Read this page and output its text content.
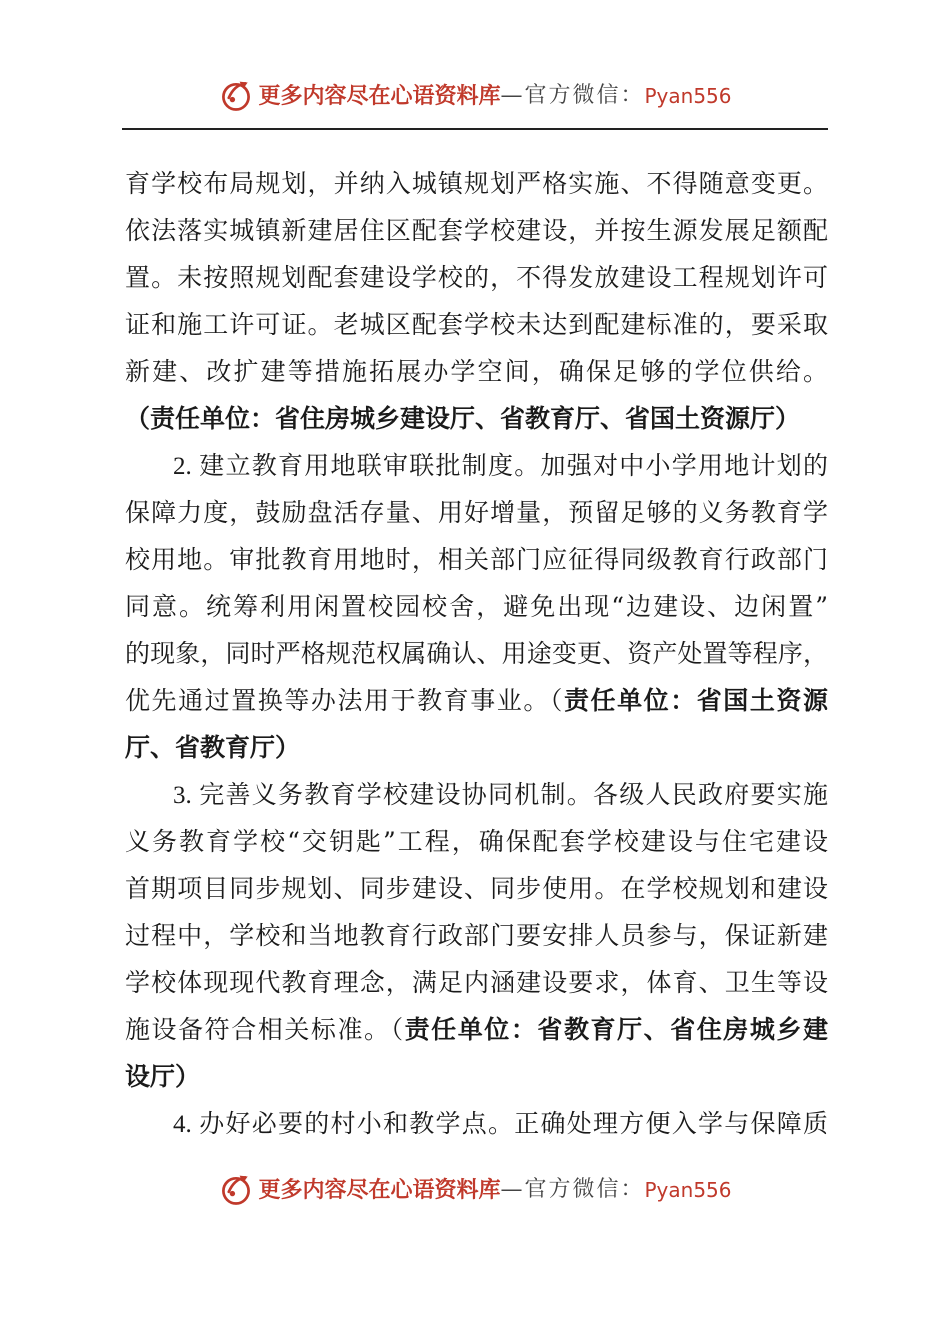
更多内容尽在心语资料库 — 官方微信： Pyan556
育学校布局规划，并纳入城镇规划严格实施、不得随意变更。
依法落实城镇新建居住区配套学校建设，并按生源发展足额配
置。未按照规划配套建设学校的，不得发放建设工程规划许可
证和施工许可证。老城区配套学校未达到配建标准的，要采取
新建、改扩建等措施拓展办学空间，确保足够的学位供给。
（责任单位：省住房城乡建设厅、省教育厅、省国土资源厅）
2. 建立教育用地联审联批制度。加强对中小学用地计划的
保障力度，鼓励盘活存量、用好增量，预留足够的义务教育学
校用地。审批教育用地时，相关部门应征得同级教育行政部门
同意。统筹利用闲置校园校舍，避免出现“边建设、边闲置”
的现象，同时严格规范权属确认、用途变更、资产处置等程序，
优先通过置换等办法用于教育事业。（责任单位：省国土资源
厅、省教育厅）
3. 完善义务教育学校建设协同机制。各级人民政府要实施
义务教育学校“交钥匙”工程，确保配套学校建设与住宅建设
首期项目同步规划、同步建设、同步使用。在学校规划和建设
过程中，学校和当地教育行政部门要安排人员参与，保证新建
学校体现现代教育理念，满足内涵建设要求，体育、卫生等设
施设备符合相关标准。（责任单位：省教育厅、省住房城乡建
设厅）
4. 办好必要的村小和教学点。正确处理方便入学与保障质
更多内容尽在心语资料库 — 官方微信： Pyan556
